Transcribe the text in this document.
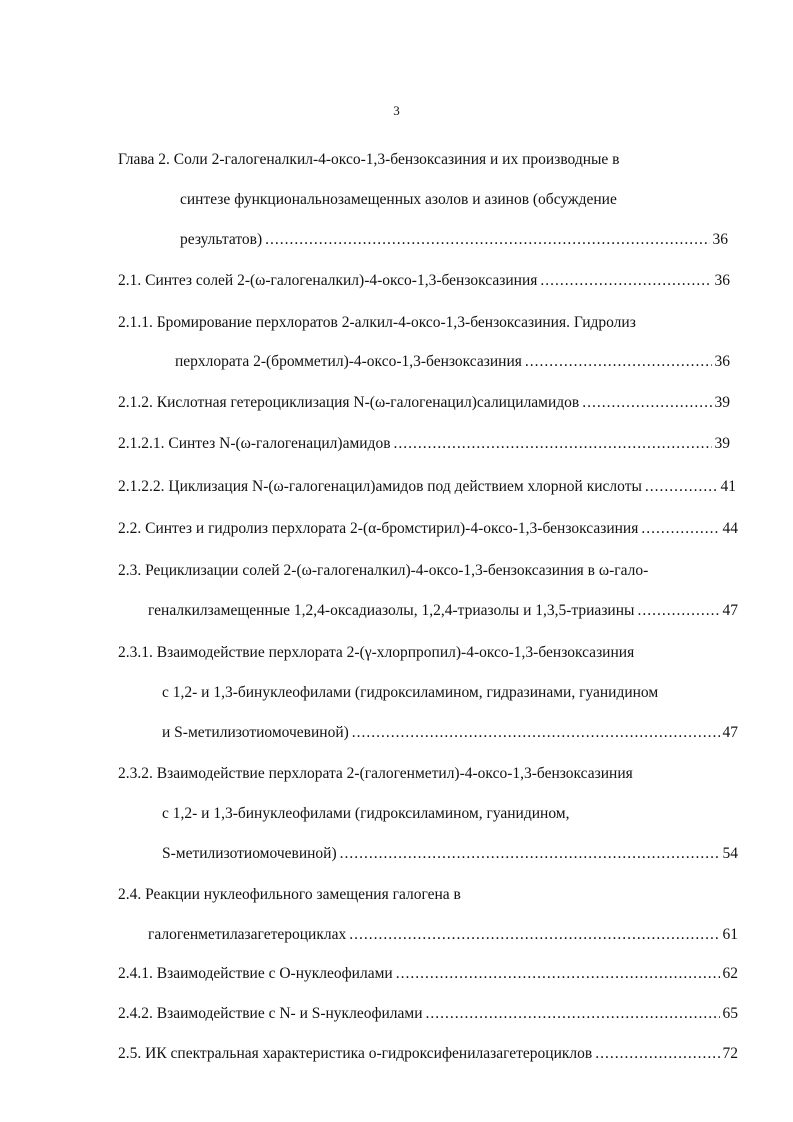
3
Глава 2. Соли 2-галогеналкил-4-оксо-1,3-бензоксазиния и их производные в
синтезе функциональнозамещенных азолов и азинов (обсуждение
результатов) .....	36
2.1. Синтез солей 2-(ω-галогеналкил)-4-оксо-1,3-бензоксазиния .....	36
2.1.1. Бромирование перхлоратов 2-алкил-4-оксо-1,3-бензоксазиния. Гидролиз
перхлората 2-(бромметил)-4-оксо-1,3-бензоксазиния .....	36
2.1.2. Кислотная гетероциклизация N-(ω-галогенацил)салициламидов .....	39
2.1.2.1. Синтез N-(ω-галогенацил)амидов .....	39
2.1.2.2. Циклизация N-(ω-галогенацил)амидов под действием хлорной кислоты .....	41
2.2. Синтез и гидролиз перхлората 2-(α-бромстирил)-4-оксо-1,3-бензоксазиния .....	44
2.3. Рециклизации солей 2-(ω-галогеналкил)-4-оксо-1,3-бензоксазиния в ω-гало-
геналкилзамещенные 1,2,4-оксадиазолы, 1,2,4-триазолы и 1,3,5-триазины .....	47
2.3.1. Взаимодействие перхлората 2-(γ-хлорпропил)-4-оксо-1,3-бензоксазиния
с 1,2- и 1,3-бинуклеофилами (гидроксиламином, гидразинами, гуанидином
и S-метилизотиомочевиной) .....	47
2.3.2. Взаимодействие перхлората 2-(галогенметил)-4-оксо-1,3-бензоксазиния
с 1,2- и 1,3-бинуклеофилами (гидроксиламином, гуанидином,
S-метилизотиомочевиной) .....	54
2.4. Реакции нуклеофильного замещения галогена в
галогенметилазагетероциклах .....	61
2.4.1. Взаимодействие с О-нуклеофилами .....	62
2.4.2. Взаимодействие с N- и S-нуклеофилами .....	65
2.5. ИК спектральная характеристика о-гидроксифенилазагетероциклов .....	72
